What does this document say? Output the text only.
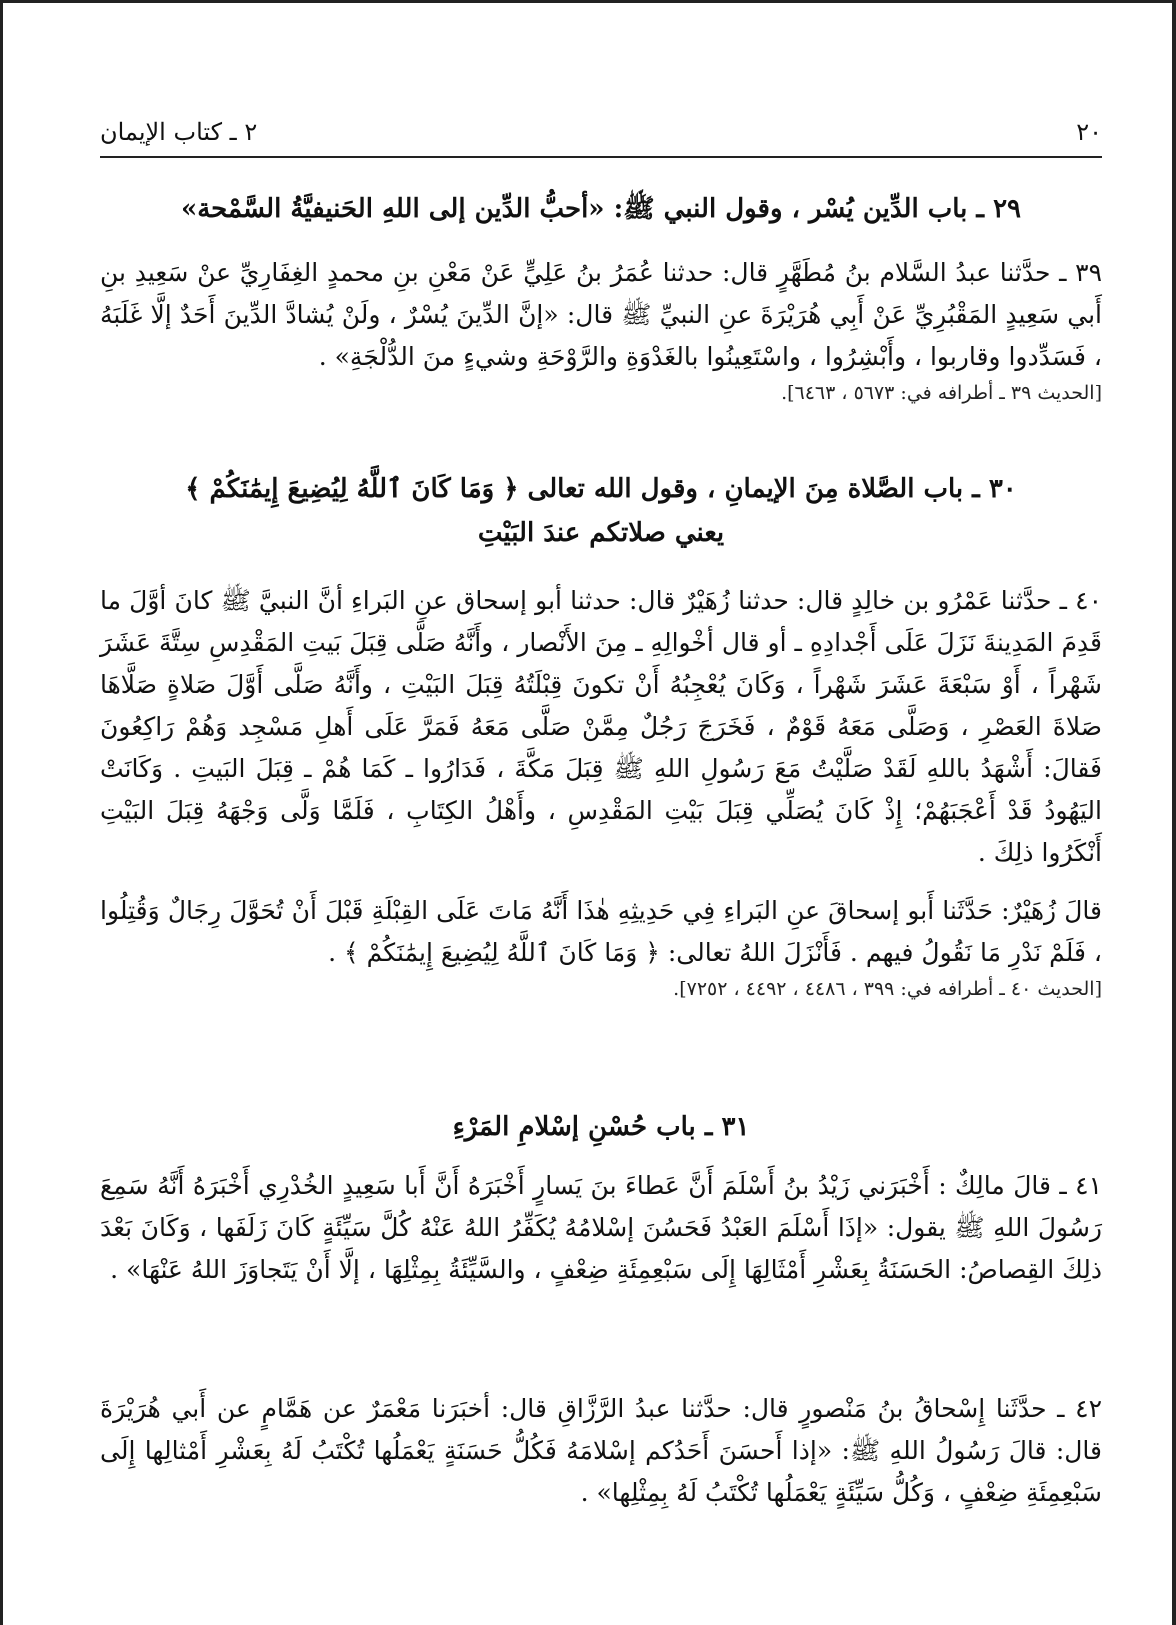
٢٠
٢ ـ كتاب الإيمان

٢٩ ـ باب الدِّين يُسْر ، وقول النبي ﷺ: «أحبُّ الدِّين إلى اللهِ الحَنيفيَّةُ السَّمْحة»

٣٩ ـ حدَّثنا عبدُ السَّلام بنُ مُطَهَّرٍ قال: حدثنا عُمَرُ بنُ عَلِيٍّ عَنْ مَعْنِ بنِ محمدٍ الغِفَارِيِّ عنْ سَعِيدِ بنِ أَبي سَعِيدٍ المَقْبُرِيِّ عَنْ أَبِي هُرَيْرَةَ عنِ النبيِّ ﷺ قال: «إنَّ الدِّينَ يُسْرٌ ، ولَنْ يُشادَّ الدِّينَ أَحَدٌ إلَّا غَلَبَهُ ، فَسَدِّدوا وقاربوا ، وأَبْشِرُوا ، واسْتَعِينُوا بالغَدْوَةِ والرَّوْحَةِ وشيءٍ منَ الدُّلْجَةِ» .

[الحديث ٣٩ ـ أطرافه في: ٥٦٧٣ ، ٦٤٦٣].

٣٠ ـ باب الصَّلاة مِنَ الإيمانِ ، وقول الله تعالى ﴿ وَمَا كَانَ ٱللَّهُ لِيُضِيعَ إِيمَٰنَكُمْ ﴾

يعني صلاتكم عندَ البَيْتِ

٤٠ ـ حدَّثنا عَمْرُو بن خالِدٍ قال: حدثنا زُهَيْرٌ قال: حدثنا أبو إسحاق عنِ البَراءِ أنَّ النبيَّ ﷺ كانَ أوَّلَ ما قَدِمَ المَدِينةَ نَزَلَ عَلَى أَجْدادِهِ ـ أو قال أخْوالِهِ ـ مِنَ الأَنْصار ، وأَنَّهُ صَلَّى قِبَلَ بَيتِ المَقْدِسِ سِتَّةَ عَشَرَ شَهْراً ، أَوْ سَبْعَةَ عَشَرَ شَهْراً ، وَكَانَ يُعْجِبُهُ أَنْ تكونَ قِبْلَتُهُ قِبَلَ البَيْتِ ، وأَنَّهُ صَلَّى أَوَّلَ صَلاةٍ صَلَّاهَا صَلاةَ العَصْرِ ، وَصَلَّى مَعَهُ قَوْمٌ ، فَخَرَجَ رَجُلٌ مِمَّنْ صَلَّى مَعَهُ فَمَرَّ عَلَى أَهلِ مَسْجِد وَهُمْ رَاكِعُونَ فَقالَ: أَشْهَدُ باللهِ لَقَدْ صَلَّيْتُ مَعَ رَسُولِ اللهِ ﷺ قِبَلَ مَكَّةَ ، فَدَارُوا ـ كَمَا هُمْ ـ قِبَلَ البَيتِ . وَكَانَتْ اليَهُودُ قَدْ أَعْجَبَهُمْ؛ إِذْ كَانَ يُصَلِّي قِبَلَ بَيْتِ المَقْدِسِ ، وأَهْلُ الكِتَابِ ، فَلَمَّا وَلَّى وَجْهَهُ قِبَلَ البَيْتِ أَنْكَرُوا ذلِكَ .

قالَ زُهَيْرٌ: حَدَّثَنا أَبو إسحاقَ عنِ البَراءِ فِي حَدِيثِهِ هٰذَا أَنَّهُ مَاتَ عَلَى القِبْلَةِ قَبْلَ أَنْ تُحَوَّلَ رِجَالٌ وَقُتِلُوا ، فَلَمْ نَدْرِ مَا نَقُولُ فيهم . فَأَنْزَلَ اللهُ تعالى: ﴿ وَمَا كَانَ ٱللَّهُ لِيُضِيعَ إِيمَٰنَكُمْ ﴾ .

[الحديث ٤٠ ـ أطرافه في: ٣٩٩ ، ٤٤٨٦ ، ٤٤٩٢ ، ٧٢٥٢].

٣١ ـ باب حُسْنِ إسْلامِ المَرْءِ

٤١ ـ قالَ مالِكٌ : أَخْبَرَني زَيْدُ بنُ أَسْلَمَ أَنَّ عَطاءَ بنَ يَسارٍ أَخْبَرَهُ أَنَّ أَبا سَعِيدٍ الخُدْرِي أَخْبَرَهُ أَنَّهُ سَمِعَ رَسُولَ اللهِ ﷺ يقول: «إذَا أَسْلَمَ العَبْدُ فَحَسُنَ إسْلامُهُ يُكَفِّرُ اللهُ عَنْهُ كُلَّ سَيِّئَةٍ كَانَ زَلَفَها ، وَكَانَ بَعْدَ ذلِكَ القِصاصُ: الحَسَنَةُ بِعَشْرِ أَمْثَالِهَا إِلَى سَبْعِمِئَةِ ضِعْفٍ ، والسَّيِّئَةُ بِمِثْلِهَا ، إلَّا أَنْ يَتَجاوَزَ اللهُ عَنْهَا» .

٤٢ ـ حدَّثَنا إِسْحاقُ بنُ مَنْصورٍ قال: حدَّثنا عبدُ الرَّزَّاقِ قال: أخبَرَنا مَعْمَرٌ عن هَمَّامٍ عن أَبي هُرَيْرَةَ قال: قالَ رَسُولُ اللهِ ﷺ: «إذا أَحسَنَ أَحَدُكم إسْلامَهُ فَكُلُّ حَسَنَةٍ يَعْمَلُها تُكْتَبُ لَهُ بِعَشْرِ أَمْثالِها إِلَى سَبْعِمِئَةِ ضِعْفٍ ، وَكُلُّ سَيِّئَةٍ يَعْمَلُها تُكْتَبُ لَهُ بِمِثْلِها» .
